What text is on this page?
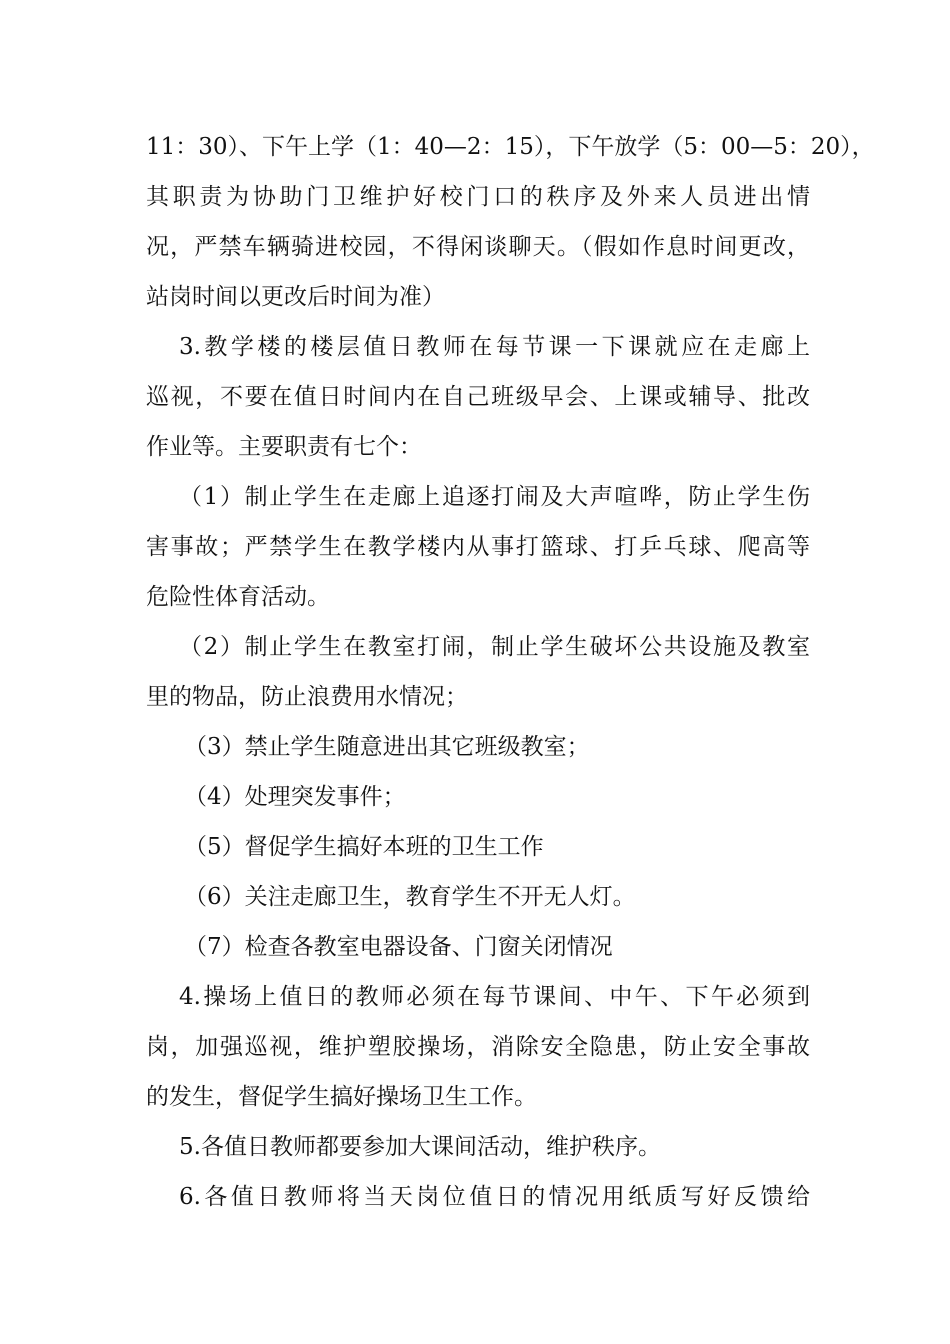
11：30）、下午上学（1：40—2：15），下午放学（5：00—5：20），
其职责为协助门卫维护好校门口的秩序及外来人员进出情
况，严禁车辆骑进校园，不得闲谈聊天。（假如作息时间更改，
站岗时间以更改后时间为准）
3.教学楼的楼层值日教师在每节课一下课就应在走廊上
巡视，不要在值日时间内在自己班级早会、上课或辅导、批改
作业等。主要职责有七个：
（1）制止学生在走廊上追逐打闹及大声喧哗，防止学生伤
害事故；严禁学生在教学楼内从事打篮球、打乒乓球、爬高等
危险性体育活动。
（2）制止学生在教室打闹，制止学生破坏公共设施及教室
里的物品，防止浪费用水情况；
（3）禁止学生随意进出其它班级教室；
（4）处理突发事件；
（5）督促学生搞好本班的卫生工作
（6）关注走廊卫生，教育学生不开无人灯。
（7）检查各教室电器设备、门窗关闭情况
4.操场上值日的教师必须在每节课间、中午、下午必须到
岗，加强巡视，维护塑胶操场，消除安全隐患，防止安全事故
的发生，督促学生搞好操场卫生工作。
5.各值日教师都要参加大课间活动，维护秩序。
6.各值日教师将当天岗位值日的情况用纸质写好反馈给
